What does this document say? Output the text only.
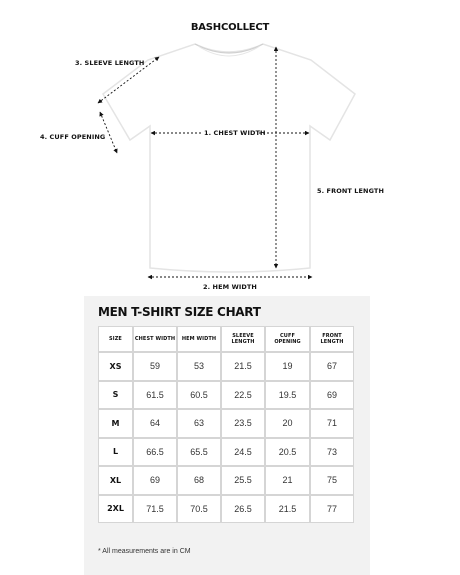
BASHCOLLECT
3. SLEEVE LENGTH
4. CUFF OPENING	1. CHEST WIDTH
5. FRONT LENGTH
2. HEM WIDTH
MEN T-SHIRT SIZE CHART
SIZE	CHEST WIDTH	HEM WIDTH	SLEEVE LENGTH	CUFF OPENING	FRONT LENGTH
XS	59	53	21.5	19	67
S	61.5	60.5	22.5	19.5	69
M	64	63	23.5	20	71
L	66.5	65.5	24.5	20.5	73
XL	69	68	25.5	21	75
2XL	71.5	70.5	26.5	21.5	77
* All measurements are in CM
